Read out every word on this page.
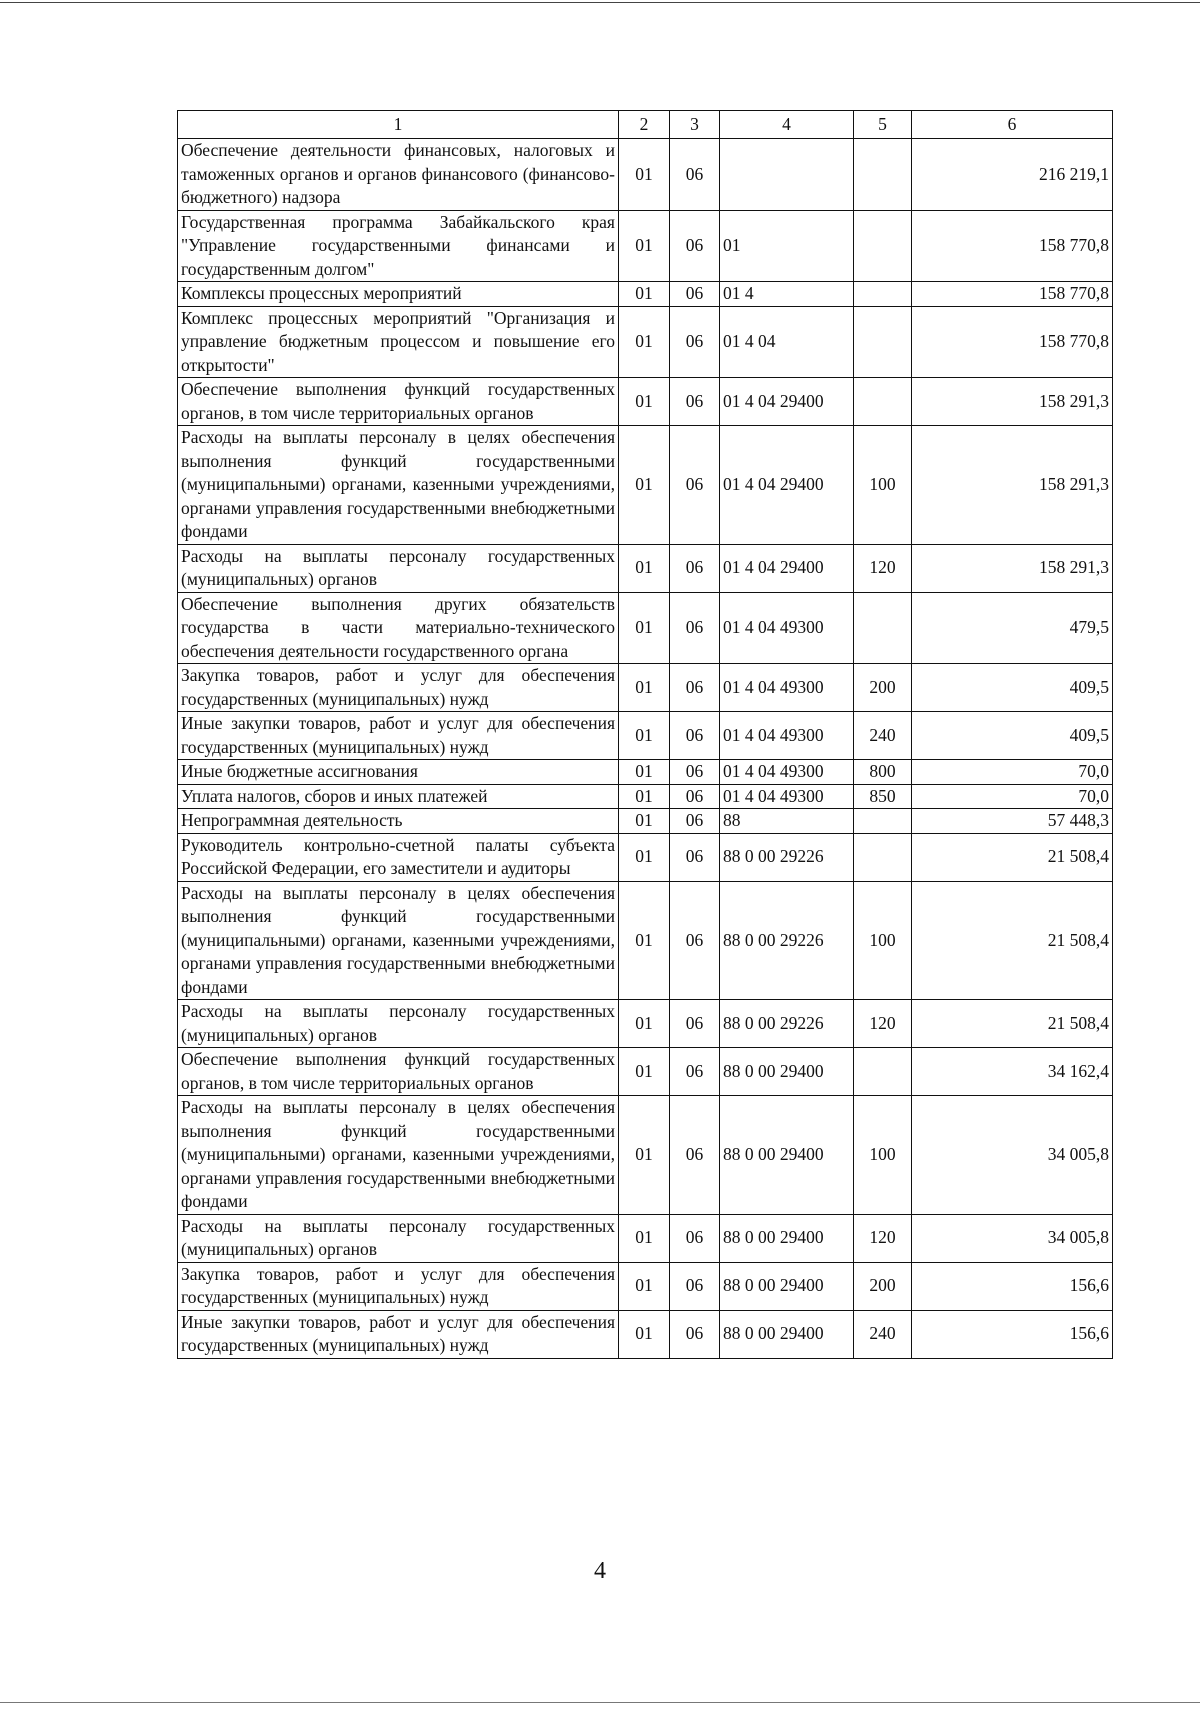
1	2	3	4	5	6
Обеспечение деятельности финансовых, налоговых и таможенных органов и органов финансового (финансово-бюджетного) надзора	01	06			216 219,1
Государственная программа Забайкальского края "Управление государственными финансами и государственным долгом"	01	06	01		158 770,8
Комплексы процессных мероприятий	01	06	01 4		158 770,8
Комплекс процессных мероприятий "Организация и управление бюджетным процессом и повышение его открытости"	01	06	01 4 04		158 770,8
Обеспечение выполнения функций государственных органов, в том числе территориальных органов	01	06	01 4 04 29400		158 291,3
Расходы на выплаты персоналу в целях обеспечения выполнения функций государственными (муниципальными) органами, казенными учреждениями, органами управления государственными внебюджетными фондами	01	06	01 4 04 29400	100	158 291,3
Расходы на выплаты персоналу государственных (муниципальных) органов	01	06	01 4 04 29400	120	158 291,3
Обеспечение выполнения других обязательств государства в части материально-технического обеспечения деятельности государственного органа	01	06	01 4 04 49300		479,5
Закупка товаров, работ и услуг для обеспечения государственных (муниципальных) нужд	01	06	01 4 04 49300	200	409,5
Иные закупки товаров, работ и услуг для обеспечения государственных (муниципальных) нужд	01	06	01 4 04 49300	240	409,5
Иные бюджетные ассигнования	01	06	01 4 04 49300	800	70,0
Уплата налогов, сборов и иных платежей	01	06	01 4 04 49300	850	70,0
Непрограммная деятельность	01	06	88		57 448,3
Руководитель контрольно-счетной палаты субъекта Российской Федерации, его заместители и аудиторы	01	06	88 0 00 29226		21 508,4
Расходы на выплаты персоналу в целях обеспечения выполнения функций государственными (муниципальными) органами, казенными учреждениями, органами управления государственными внебюджетными фондами	01	06	88 0 00 29226	100	21 508,4
Расходы на выплаты персоналу государственных (муниципальных) органов	01	06	88 0 00 29226	120	21 508,4
Обеспечение выполнения функций государственных органов, в том числе территориальных органов	01	06	88 0 00 29400		34 162,4
Расходы на выплаты персоналу в целях обеспечения выполнения функций государственными (муниципальными) органами, казенными учреждениями, органами управления государственными внебюджетными фондами	01	06	88 0 00 29400	100	34 005,8
Расходы на выплаты персоналу государственных (муниципальных) органов	01	06	88 0 00 29400	120	34 005,8
Закупка товаров, работ и услуг для обеспечения государственных (муниципальных) нужд	01	06	88 0 00 29400	200	156,6
Иные закупки товаров, работ и услуг для обеспечения государственных (муниципальных) нужд	01	06	88 0 00 29400	240	156,6
4
